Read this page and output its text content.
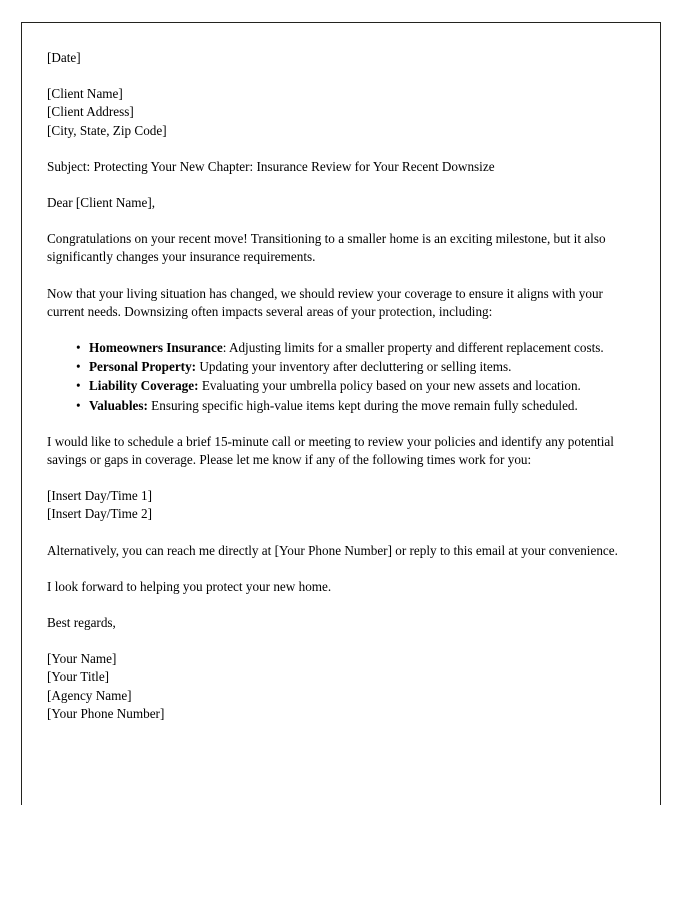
[Date]
[Client Name]
[Client Address]
[City, State, Zip Code]
Subject: Protecting Your New Chapter: Insurance Review for Your Recent Downsize
Dear [Client Name],

Congratulations on your recent move! Transitioning to a smaller home is an exciting milestone, but it also significantly changes your insurance requirements.

Now that your living situation has changed, we should review your coverage to ensure it aligns with your current needs. Downsizing often impacts several areas of your protection, including:

• Homeowners Insurance: Adjusting limits for a smaller property and different replacement costs.
• Personal Property: Updating your inventory after decluttering or selling items.
• Liability Coverage: Evaluating your umbrella policy based on your new assets and location.
• Valuables: Ensuring specific high-value items kept during the move remain fully scheduled.

I would like to schedule a brief 15-minute call or meeting to review your policies and identify any potential savings or gaps in coverage. Please let me know if any of the following times work for you:

[Insert Day/Time 1]
[Insert Day/Time 2]

Alternatively, you can reach me directly at [Your Phone Number] or reply to this email at your convenience.

I look forward to helping you protect your new home.

Best regards,
[Your Name]
[Your Title]
[Agency Name]
[Your Phone Number]
